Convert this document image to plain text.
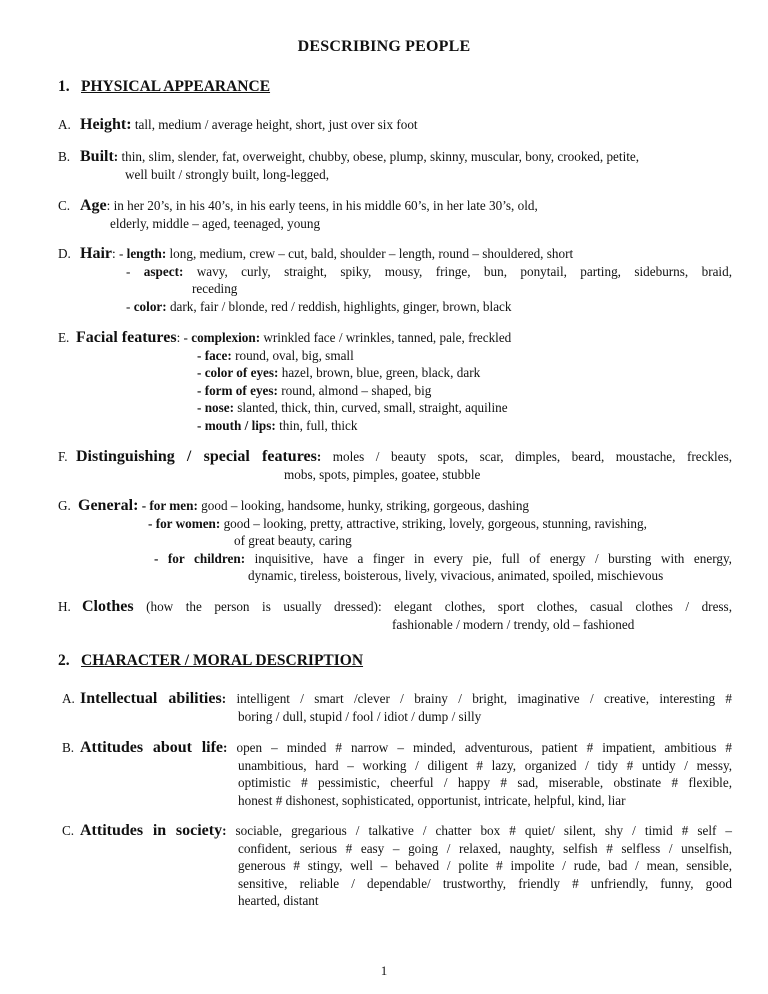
DESCRIBING PEOPLE
1. PHYSICAL APPEARANCE
A. Height: tall, medium / average height, short, just over six foot
B. Built: thin, slim, slender, fat, overweight, chubby, obese, plump, skinny, muscular, bony, crooked, petite,
well built / strongly built, long-legged,
C. Age: in her 20’s, in his 40’s, in his early teens, in his middle 60’s, in her late 30’s, old,
elderly, middle – aged, teenaged, young
D. Hair: - length: long, medium, crew – cut, bald, shoulder – length, round – shouldered, short
- aspect: wavy, curly, straight, spiky, mousy, fringe, bun, ponytail, parting, sideburns, braid,
receding
- color: dark, fair / blonde, red / reddish, highlights, ginger, brown, black
E. Facial features: - complexion: wrinkled face / wrinkles, tanned, pale, freckled
- face: round, oval, big, small
- color of eyes: hazel, brown, blue, green, black, dark
- form of eyes: round, almond – shaped, big
- nose: slanted, thick, thin, curved, small, straight, aquiline
- mouth / lips: thin, full, thick
F. Distinguishing / special features: moles / beauty spots, scar, dimples, beard, moustache, freckles,
mobs, spots, pimples, goatee, stubble
G. General: - for men: good – looking, handsome, hunky, striking, gorgeous, dashing
- for women: good – looking, pretty, attractive, striking, lovely, gorgeous, stunning, ravishing,
of great beauty, caring
- for children: inquisitive, have a finger in every pie, full of energy / bursting with energy,
dynamic, tireless, boisterous, lively, vivacious, animated, spoiled, mischievous
H. Clothes (how the person is usually dressed): elegant clothes, sport clothes, casual clothes / dress,
fashionable / modern / trendy, old – fashioned
2. CHARACTER / MORAL DESCRIPTION
A. Intellectual abilities: intelligent / smart /clever / brainy / bright, imaginative / creative, interesting #
boring / dull, stupid / fool / idiot / dump / silly
B. Attitudes about life: open – minded # narrow – minded, adventurous, patient # impatient, ambitious #
unambitious, hard – working / diligent # lazy, organized / tidy # untidy / messy,
optimistic # pessimistic, cheerful / happy # sad, miserable, obstinate # flexible,
honest # dishonest, sophisticated, opportunist, intricate, helpful, kind, liar
C. Attitudes in society: sociable, gregarious / talkative / chatter box # quiet/ silent, shy / timid # self –
confident, serious # easy – going / relaxed, naughty, selfish # selfless / unselfish,
generous # stingy, well – behaved / polite # impolite / rude, bad / mean, sensible,
sensitive, reliable / dependable/ trustworthy, friendly # unfriendly, funny, good
hearted, distant
1
